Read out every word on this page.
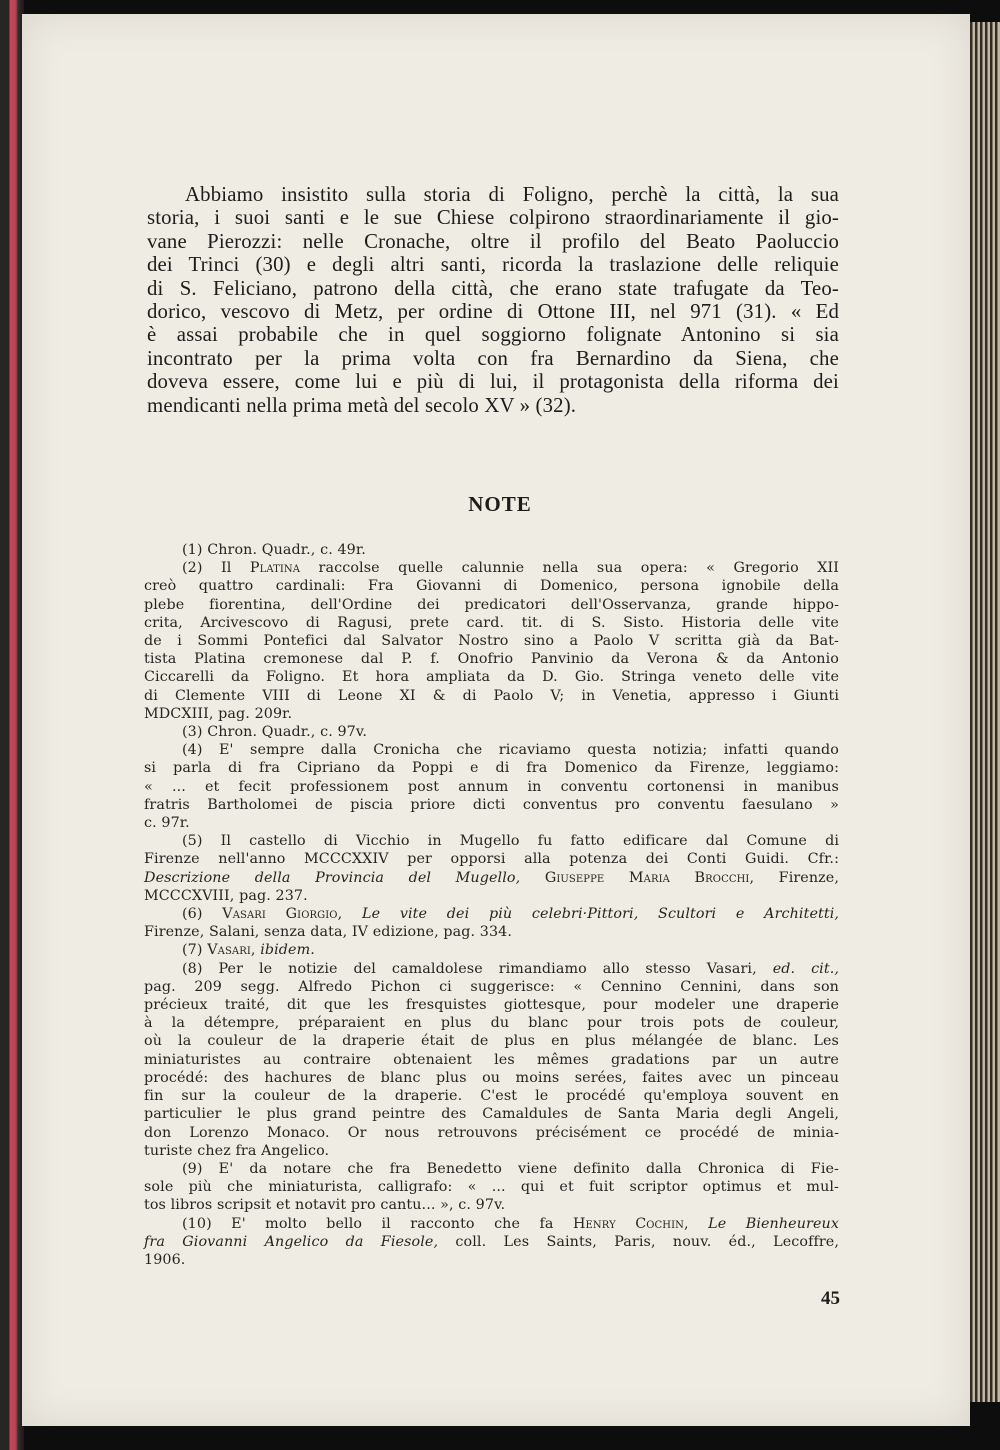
Abbiamo insistito sulla storia di Foligno, perchè la città, la sua
storia, i suoi santi e le sue Chiese colpirono straordinariamente il gio-
vane Pierozzi: nelle Cronache, oltre il profilo del Beato Paoluccio
dei Trinci (30) e degli altri santi, ricorda la traslazione delle reliquie
di S. Feliciano, patrono della città, che erano state trafugate da Teo-
dorico, vescovo di Metz, per ordine di Ottone III, nel 971 (31). « Ed
è assai probabile che in quel soggiorno folignate Antonino si sia
incontrato per la prima volta con fra Bernardino da Siena, che
doveva essere, come lui e più di lui, il protagonista della riforma dei
mendicanti nella prima metà del secolo XV » (32).
NOTE
(1) Chron. Quadr., c. 49r.
(2) Il Platina raccolse quelle calunnie nella sua opera: « Gregorio XII
creò quattro cardinali: Fra Giovanni di Domenico, persona ignobile della
plebe fiorentina, dell'Ordine dei predicatori dell'Osservanza, grande hippo-
crita, Arcivescovo di Ragusi, prete card. tit. di S. Sisto. Historia delle vite
de i Sommi Pontefici dal Salvator Nostro sino a Paolo V scritta già da Bat-
tista Platina cremonese dal P. f. Onofrio Panvinio da Verona & da Antonio
Ciccarelli da Foligno. Et hora ampliata da D. Gio. Stringa veneto delle vite
di Clemente VIII di Leone XI & di Paolo V; in Venetia, appresso i Giunti
MDCXIII, pag. 209r.
(3) Chron. Quadr., c. 97v.
(4) E' sempre dalla Cronicha che ricaviamo questa notizia; infatti quando
si parla di fra Cipriano da Poppi e di fra Domenico da Firenze, leggiamo:
« ... et fecit professionem post annum in conventu cortonensi in manibus
fratris Bartholomei de piscia priore dicti conventus pro conventu faesulano »
c. 97r.
(5) Il castello di Vicchio in Mugello fu fatto edificare dal Comune di
Firenze nell'anno MCCCXXIV per opporsi alla potenza dei Conti Guidi. Cfr.:
Descrizione della Provincia del Mugello, Giuseppe Maria Brocchi, Firenze,
MCCCXVIII, pag. 237.
(6) Vasari Giorgio, Le vite dei più celebri·Pittori, Scultori e Architetti,
Firenze, Salani, senza data, IV edizione, pag. 334.
(7) Vasari, ibidem.
(8) Per le notizie del camaldolese rimandiamo allo stesso Vasari, ed. cit.,
pag. 209 segg. Alfredo Pichon ci suggerisce: « Cennino Cennini, dans son
précieux traité, dit que les fresquistes giottesque, pour modeler une draperie
à la détempre, préparaient en plus du blanc pour trois pots de couleur,
où la couleur de la draperie était de plus en plus mélangée de blanc. Les
miniaturistes au contraire obtenaient les mêmes gradations par un autre
procédé: des hachures de blanc plus ou moins serées, faites avec un pinceau
fin sur la couleur de la draperie. C'est le procédé qu'employa souvent en
particulier le plus grand peintre des Camaldules de Santa Maria degli Angeli,
don Lorenzo Monaco. Or nous retrouvons précisément ce procédé de minia-
turiste chez fra Angelico.
(9) E' da notare che fra Benedetto viene definito dalla Chronica di Fie-
sole più che miniaturista, calligrafo: « ... qui et fuit scriptor optimus et mul-
tos libros scripsit et notavit pro cantu... », c. 97v.
(10) E' molto bello il racconto che fa Henry Cochin, Le Bienheureux
fra Giovanni Angelico da Fiesole, coll. Les Saints, Paris, nouv. éd., Lecoffre,
1906.
45
